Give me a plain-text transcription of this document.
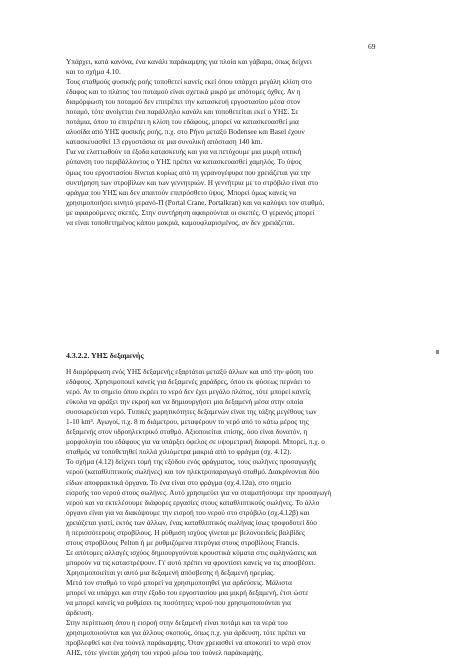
69
Υπάρχει, κατά κανόνα, ένα κανάλι παράκαμψης για πλοία και γάβαρα, όπως δείχνει
και το σχήμα 4.10.
Τους σταθμούς φυσικής ροής τοποθετεί κανείς εκεί όπου υπάρχει μεγάλη κλίση στο
έδαφος και το πλάτος του ποταμού είναι σχετικά μικρό με απότομες όχθες. Αν η
διαμόρφωση του ποταμού δεν επιτρέπει την κατασκευή εργοστασίου μέσα στον
ποταμό, τότε ανοίγεται ένα παράλληλο κανάλι και τοποθετείται εκεί ο ΥΗΣ. Σε
ποτάμια, όπου το επιτρέπει η κλίση του εδάφους, μπορεί να κατασκευασθεί μια
αλυσίδα από ΥΗΣ φυσικής ροής, π.χ. στο Ρήνο μεταξύ Bodensee και Basel έχουν
κατασκευασθεί 13 εργοστάσια σε μια συνολική απόσταση 140 km.
Για να ελαττωθούν τα έξοδα κατασκευής και για να πετύχουμε μια μικρή οπτική
ρύπανση του περιβάλλοντος ο ΥΗΣ πρέπει να κατασκευασθεί χαμηλός. Το ύψος
όμως του εργοστασίου δίνεται κυρίως από τη γερανογέφυρα που χρειάζεται για την
συντήρηση των στροβίλων και των γεννητριών. Η γεννήτρια με το στρόβιλο είναι στο
φράγμα του ΥΗΣ και δεν απαιτούν επιπρόσθετο ύψος. Μπορεί όμως κανείς να
χρησιμοποιήσει κινητό γερανό-Π (Portal Crane, Portalkran) και να καλύψει τον σταθμό,
με αφαιρούμενες σκεπές. Στην συντήρηση αφαιρούνται οι σκεπές. Ο γερανός μπορεί
να είναι τοποθετημένος κάπου μακριά, καμουφλαρισμένος, αν δεν χρειάζεται.
4.3.2.2. ΥΗΣ δεξαμενής
Η διαμόρφωση ενός ΥΗΣ δεξαμενής εξαρτάται μεταξύ άλλων και από την φύση του
εδάφους. Χρησιμοποιεί κανείς για δεξαμενές χαράδρες, όπου εκ φύσεως περνάει το
νερό. Αν το σημείο όπου εκρέει το νερό δεν έχει μεγάλο πλάτος, τότε μπορεί κανείς
εύκολα να φράξει την εκροή και να δημιουργήσει μια δεξαμενή μέσα στην οποία
συσσωρεύεται νερό. Τυπικές χωρητικότητες δεξαμενών είναι της τάξης μεγέθους των
1-10 km³. Αγωγοί, π.χ. 8 m διάμετρου, μεταφέρουν το νερό από το κάτω μέρος της
δεξαμενής στον υδροηλεκτρικό σταθμό. Αξιοποιείται επίσης, όσο είναι δυνατόν, η
μορφολογία του εδάφους για να υπάρξει όφελος σε υψομετρική διαφορά. Μπορεί, π.χ. ο
σταθμός να τοποθετηθεί πολλά χιλιόμετρα μακριά από το φράγμα (σχ. 4.12).
Το σχήμα (4.12) δείχνει τομή της εξόδου ενός φράγματος, τους σωλήνες προσαγωγής
νερού (καταθλιπτικούς σωλήνες) και τον ηλεκτροπαραγωγό σταθμό. Διακρίνονται δύο
είδων αποφρακτικά όργανα. Το ένα είναι στο φράγμα (σχ.4.12α), στο σημείο
εισροής του νερού στους σωλήνες. Αυτό χρησιμεύει για να σταματήσουμε την προσαγωγή
νερού και να εκτελέσουμε διάφορες εργασίες στους καταθλιπτικούς σωλήνες. Το άλλο
όργανο είναι για να διακόψουμε την εισροή του νερού στο στρόβιλο (σχ.4.12β) και
χρειάζεται γιατί, εκτός των άλλων, ένας καταθλιπτικός σωλήνας ίσως τροφοδοτεί δύο
ή περισσότερους στροβίλους. Η ρύθμιση ισχύος γίνεται με βελονοειδείς βαλβίδες
στους στροβίλους Pelton ή με ρυθμιζόμενα πτερύγια στους στροβίλους Francis.
Σε απότομες αλλαγές ισχύος δημιουργούνται κρουστικά κύματα στις σωληνώσεις και
μπορούν να τις καταστρέψουν. Γι' αυτό πρέπει να φροντίσει κανείς να τις αποσβέσει.
Χρησιμοποιείται γι αυτό μια δεξαμενή απόσβεσης ή δεξαμενή ηρεμίας.
Μετά τον σταθμό το νερό μπορεί να χρησιμοποιηθεί για αρδεύσεις. Μάλιστα
μπορεί να υπάρχει και στην έξοδο του εργοστασίου μια μικρή δεξαμενή, έτσι ώστε
να μπορεί κανείς να ρυθμίσει τις ποσότητες νερού που χρησιμοποιούνται για
άρδευση.
Στην περίπτωση όπου η εισροή στην δεξαμενή είναι ποτάμι και τα νερά του
χρησιμοποιούνται και για άλλους σκοπούς, όπως π.χ. για άρδευση, τότε πρέπει να
προβλεφθεί και ένα τούνελ παράκαμψης. Όταν χρειασθεί να αποκοπεί το νερό στον
ΑΗΣ, τότε γίνεται χρήση του νερού μέσω του τούνελ παράκαμψης.
